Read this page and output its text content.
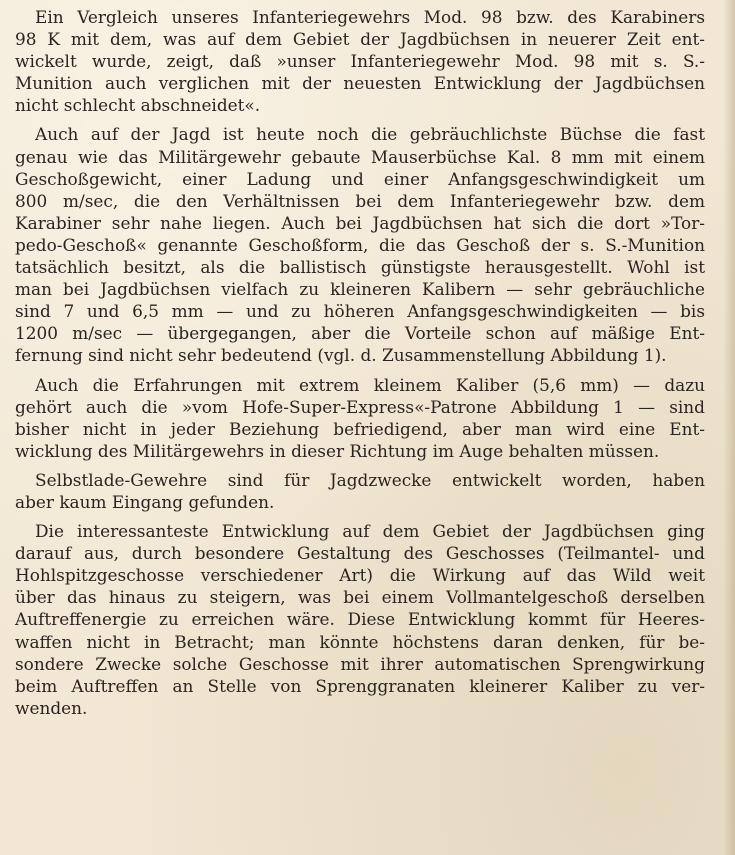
Ein Vergleich unseres Infanteriegewehrs Mod. 98 bzw. des Karabiners
98 K mit dem, was auf dem Gebiet der Jagdbüchsen in neuerer Zeit ent-
wickelt wurde, zeigt, daß »unser Infanteriegewehr Mod. 98 mit s. S.-
Munition auch verglichen mit der neuesten Entwicklung der Jagdbüchsen
nicht schlecht abschneidet«.
Auch auf der Jagd ist heute noch die gebräuchlichste Büchse die fast
genau wie das Militärgewehr gebaute Mauserbüchse Kal. 8 mm mit einem
Geschoßgewicht, einer Ladung und einer Anfangsgeschwindigkeit um
800 m/sec, die den Verhältnissen bei dem Infanteriegewehr bzw. dem
Karabiner sehr nahe liegen. Auch bei Jagdbüchsen hat sich die dort »Tor-
pedo-Geschoß« genannte Geschoßform, die das Geschoß der s. S.-Munition
tatsächlich besitzt, als die ballistisch günstigste herausgestellt. Wohl ist
man bei Jagdbüchsen vielfach zu kleineren Kalibern — sehr gebräuchliche
sind 7 und 6,5 mm — und zu höheren Anfangsgeschwindigkeiten — bis
1200 m/sec — übergegangen, aber die Vorteile schon auf mäßige Ent-
fernung sind nicht sehr bedeutend (vgl. d. Zusammenstellung Abbildung 1).
Auch die Erfahrungen mit extrem kleinem Kaliber (5,6 mm) — dazu
gehört auch die »vom Hofe-Super-Express«-Patrone Abbildung 1 — sind
bisher nicht in jeder Beziehung befriedigend, aber man wird eine Ent-
wicklung des Militärgewehrs in dieser Richtung im Auge behalten müssen.
Selbstlade-Gewehre sind für Jagdzwecke entwickelt worden, haben
aber kaum Eingang gefunden.
Die interessanteste Entwicklung auf dem Gebiet der Jagdbüchsen ging
darauf aus, durch besondere Gestaltung des Geschosses (Teilmantel- und
Hohlspitzgeschosse verschiedener Art) die Wirkung auf das Wild weit
über das hinaus zu steigern, was bei einem Vollmantelgeschoß derselben
Auftreffenergie zu erreichen wäre. Diese Entwicklung kommt für Heeres-
waffen nicht in Betracht; man könnte höchstens daran denken, für be-
sondere Zwecke solche Geschosse mit ihrer automatischen Sprengwirkung
beim Auftreffen an Stelle von Sprenggranaten kleinerer Kaliber zu ver-
wenden.
